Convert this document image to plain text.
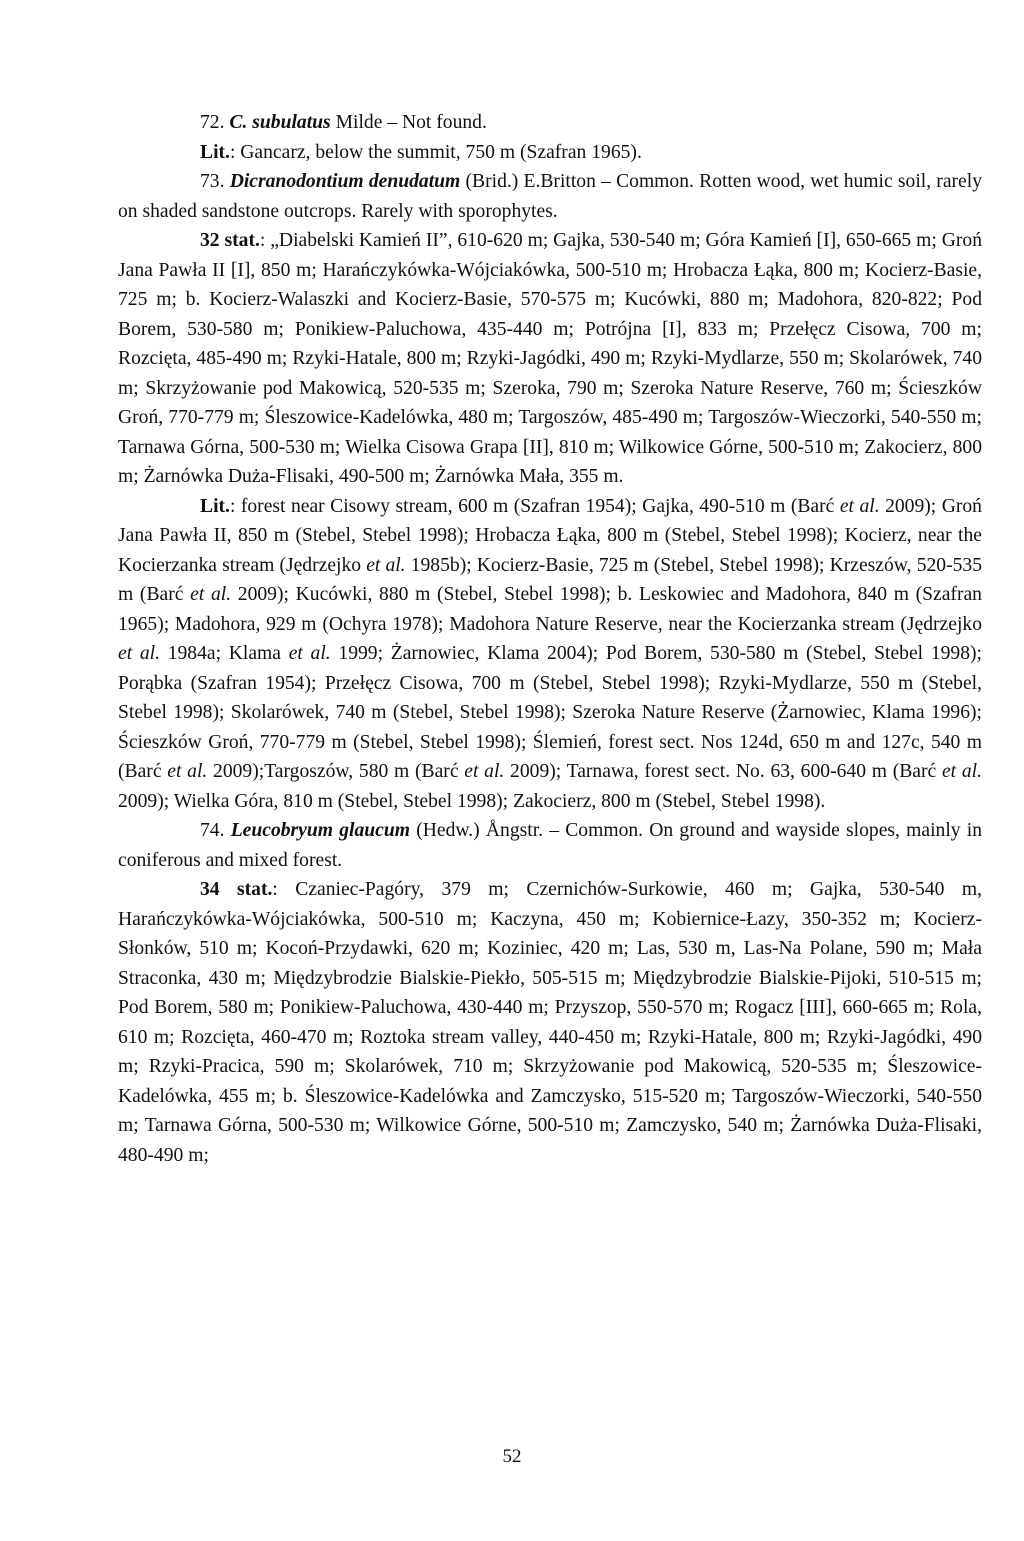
72. C. subulatus Milde – Not found.

Lit.: Gancarz, below the summit, 750 m (Szafran 1965).

73. Dicranodontium denudatum (Brid.) E.Britton – Common. Rotten wood, wet humic soil, rarely on shaded sandstone outcrops. Rarely with sporophytes.

32 stat.: „Diabelski Kamień II”, 610-620 m; Gajka, 530-540 m; Góra Kamień [I], 650-665 m; Groń Jana Pawła II [I], 850 m; Harańczykówka-Wójciakówka, 500-510 m; Hrobacza Łąka, 800 m; Kocierz-Basie, 725 m; b. Kocierz-Walaszki and Kocierz-Basie, 570-575 m; Kucówki, 880 m; Madohora, 820-822; Pod Borem, 530-580 m; Ponikiew-Paluchowa, 435-440 m; Potrójna [I], 833 m; Przełęcz Cisowa, 700 m; Rozcięta, 485-490 m; Rzyki-Hatale, 800 m; Rzyki-Jagódki, 490 m; Rzyki-Mydlarze, 550 m; Skolarówek, 740 m; Skrzyżowanie pod Makowicą, 520-535 m; Szeroka, 790 m; Szeroka Nature Reserve, 760 m; Ścieszków Groń, 770-779 m; Śleszowice-Kadelówka, 480 m; Targoszów, 485-490 m; Targoszów-Wieczorki, 540-550 m; Tarnawa Górna, 500-530 m; Wielka Cisowa Grapa [II], 810 m; Wilkowice Górne, 500-510 m; Zakocierz, 800 m; Żarnówka Duża-Flisaki, 490-500 m; Żarnówka Mała, 355 m.

Lit.: forest near Cisowy stream, 600 m (Szafran 1954); Gajka, 490-510 m (Barć et al. 2009); Groń Jana Pawła II, 850 m (Stebel, Stebel 1998); Hrobacza Łąka, 800 m (Stebel, Stebel 1998); Kocierz, near the Kocierzanka stream (Jędrzejko et al. 1985b); Kocierz-Basie, 725 m (Stebel, Stebel 1998); Krzeszów, 520-535 m (Barć et al. 2009); Kucówki, 880 m (Stebel, Stebel 1998); b. Leskowiec and Madohora, 840 m (Szafran 1965); Madohora, 929 m (Ochyra 1978); Madohora Nature Reserve, near the Kocierzanka stream (Jędrzejko et al. 1984a; Klama et al. 1999; Żarnowiec, Klama 2004); Pod Borem, 530-580 m (Stebel, Stebel 1998); Porąbka (Szafran 1954); Przełęcz Cisowa, 700 m (Stebel, Stebel 1998); Rzyki-Mydlarze, 550 m (Stebel, Stebel 1998); Skolarówek, 740 m (Stebel, Stebel 1998); Szeroka Nature Reserve (Żarnowiec, Klama 1996); Ścieszków Groń, 770-779 m (Stebel, Stebel 1998); Ślemień, forest sect. Nos 124d, 650 m and 127c, 540 m (Barć et al. 2009);Targoszów, 580 m (Barć et al. 2009); Tarnawa, forest sect. No. 63, 600-640 m (Barć et al. 2009); Wielka Góra, 810 m (Stebel, Stebel 1998); Zakocierz, 800 m (Stebel, Stebel 1998).

74. Leucobryum glaucum (Hedw.) Ångstr. – Common. On ground and wayside slopes, mainly in coniferous and mixed forest.

34 stat.: Czaniec-Pagóry, 379 m; Czernichów-Surkowie, 460 m; Gajka, 530-540 m, Harańczykówka-Wójciakówka, 500-510 m; Kaczyna, 450 m; Kobiernice-Łazy, 350-352 m; Kocierz-Słonków, 510 m; Kocoń-Przydawki, 620 m; Koziniec, 420 m; Las, 530 m, Las-Na Polane, 590 m; Mała Straconka, 430 m; Międzybrodzie Bialskie-Piekło, 505-515 m; Międzybrodzie Bialskie-Pijoki, 510-515 m; Pod Borem, 580 m; Ponikiew-Paluchowa, 430-440 m; Przyszop, 550-570 m; Rogacz [III], 660-665 m; Rola, 610 m; Rozcięta, 460-470 m; Roztoka stream valley, 440-450 m; Rzyki-Hatale, 800 m; Rzyki-Jagódki, 490 m; Rzyki-Pracica, 590 m; Skolarówek, 710 m; Skrzyżowanie pod Makowicą, 520-535 m; Śleszowice-Kadelówka, 455 m; b. Śleszowice-Kadelówka and Zamczysko, 515-520 m; Targoszów-Wieczorki, 540-550 m; Tarnawa Górna, 500-530 m; Wilkowice Górne, 500-510 m; Zamczysko, 540 m; Żarnówka Duża-Flisaki, 480-490 m;

52
